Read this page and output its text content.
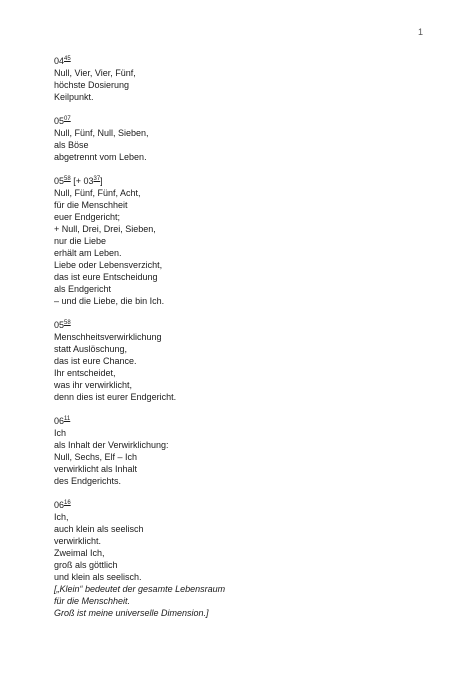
1
$04^{45}$
Null, Vier, Vier, Fünf,
höchste Dosierung
Keilpunkt.
$05^{07}$
Null, Fünf, Null, Sieben,
als Böse
abgetrennt vom Leben.
$05^{58}$ [+ $03^{37}$]
Null, Fünf, Fünf, Acht,
für die Menschheit
euer Endgericht;
+ Null, Drei, Drei, Sieben,
nur die Liebe
erhält am Leben.
Liebe oder Lebensverzicht,
das ist eure Entscheidung
als Endgericht
– und die Liebe, die bin Ich.
$05^{58}$
Menschheitsverwirklichung
statt Auslöschung,
das ist eure Chance.
Ihr entscheidet,
was ihr verwirklicht,
denn dies ist eurer Endgericht.
$06^{11}$
Ich
als Inhalt der Verwirklichung:
Null, Sechs, Elf – Ich
verwirklicht als Inhalt
des Endgerichts.
$06^{16}$
Ich,
auch klein als seelisch
verwirklicht.
Zweimal Ich,
groß als göttlich
und klein als seelisch.
[„Klein“ bedeutet der gesamte Lebensraum
für die Menschheit.
Groß ist meine universelle Dimension.]
